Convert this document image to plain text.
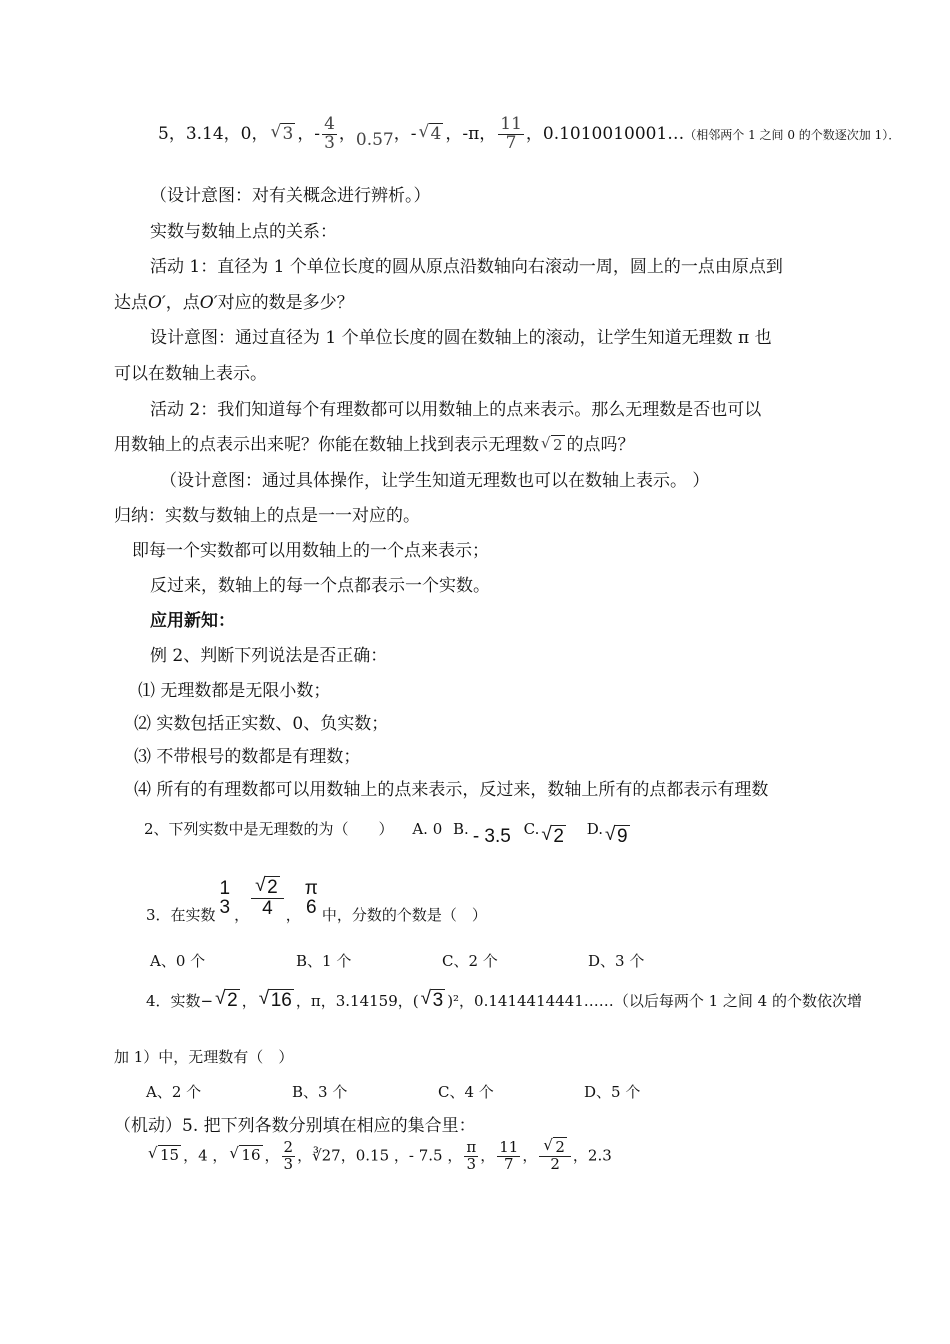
5，3.14，0， √ 3 ，- $\frac{4}{3}$ ，0.57，- √ 4 ，-π， $\frac{11}{7}$ ，0.1010010001…（相邻两个 1 之间 0 的个数逐次加 1）．
（设计意图：对有关概念进行辨析。）
实数与数轴上点的关系：
活动 1：直径为 1 个单位长度的圆从原点沿数轴向右滚动一周，圆上的一点由原点到
达点O′，点O′对应的数是多少？
设计意图：通过直径为 1 个单位长度的圆在数轴上的滚动，让学生知道无理数 π 也
可以在数轴上表示。
活动 2：我们知道每个有理数都可以用数轴上的点来表示。那么无理数是否也可以
用数轴上的点表示出来呢？你能在数轴上找到表示无理数 √ 2 的点吗？
（设计意图：通过具体操作，让学生知道无理数也可以在数轴上表示。 ）
归纳：实数与数轴上的点是一一对应的。
即每一个实数都可以用数轴上的一个点来表示；
反过来，数轴上的每一个点都表示一个实数。
应用新知：
例 2、判断下列说法是否正确：
⑴ 无理数都是无限小数；
⑵ 实数包括正实数、0、负实数；
⑶ 不带根号的数都是有理数；
⑷ 所有的有理数都可以用数轴上的点来表示，反过来，数轴上所有的点都表示有理数
2、下列实数中是无理数的为（　　） A. 0 B. - 3.5 C. √ 2 D. √ 9
3．在实数
1
3 ， √ $\frac{2}{4}$ ，
π
6 中，分数的个数是（　）
A、0 个	B、1 个	C、2 个	D、3 个
4．实数− √ 2 ， √ 16 ，π，3.14159，( √ 3 )²，0.1414414441……（以后每两个 1 之间 4 的个数依次增
加 1）中，无理数有（　）
A、2 个	B、3 个	C、4 个	D、5 个
（机动）5. 把下列各数分别填在相应的集合里：
√ 15 ，4 ， √ 16 ， $\frac{2}{3}$ ，∛27，0.15 ，- 7.5 ， $\frac{\pi}{3}$ ， $\frac{11}{7}$ ， √ $\frac{2}{2}$ ，2.3
